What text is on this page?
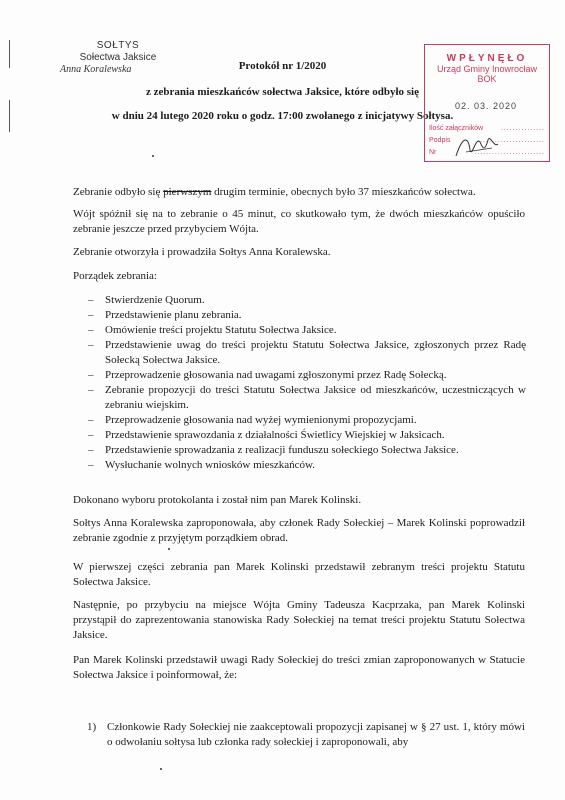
SOŁTYS
Sołectwa Jaksice
Anna Koralewska	Protokół nr 1/2020
z zebrania mieszkańców sołectwa Jaksice, które odbyło się
w dniu 24 lutego 2020 roku o godz. 17:00 zwołanego z inicjatywy Sołtysa.
WPŁYNĘŁO
Urząd Gminy Inowrocław
BOK
02. 03. 2020
Ilość załączników	...............
Podpis	.......................
Nr	........................
Zebranie odbyło się pierwszym drugim terminie, obecnych było 37 mieszkańców sołectwa.
Wójt spóźnił się na to zebranie o 45 minut, co skutkowało tym, że dwóch mieszkańców opuściło zebranie jeszcze przed przybyciem Wójta.
Zebranie otworzyła i prowadziła Sołtys Anna Koralewska.
Porządek zebrania:
– Stwierdzenie Quorum.
– Przedstawienie planu zebrania.
– Omówienie treści projektu Statutu Sołectwa Jaksice.
– Przedstawienie uwag do treści projektu Statutu Sołectwa Jaksice, zgłoszonych przez Radę Sołecką Sołectwa Jaksice.
– Przeprowadzenie głosowania nad uwagami zgłoszonymi przez Radę Sołecką.
– Zebranie propozycji do treści Statutu Sołectwa Jaksice od mieszkańców, uczestniczących w zebraniu wiejskim.
– Przeprowadzenie głosowania nad wyżej wymienionymi propozycjami.
– Przedstawienie sprawozdania z działalności Świetlicy Wiejskiej w Jaksicach.
– Przedstawienie sprowadzania z realizacji funduszu sołeckiego Sołectwa Jaksice.
– Wysłuchanie wolnych wniosków mieszkańców.
Dokonano wyboru protokolanta i został nim pan Marek Kolinski.
Sołtys Anna Koralewska zaproponowała, aby członek Rady Sołeckiej – Marek Kolinski poprowadził zebranie zgodnie z przyjętym porządkiem obrad.
W pierwszej części zebrania pan Marek Kolinski przedstawił zebranym treści projektu Statutu Sołectwa Jaksice.
Następnie, po przybyciu na miejsce Wójta Gminy Tadeusza Kacprzaka, pan Marek Kolinski przystąpił do zaprezentowania stanowiska Rady Sołeckiej na temat treści projektu Statutu Sołectwa Jaksice.
Pan Marek Kolinski przedstawił uwagi Rady Sołeckiej do treści zmian zaproponowanych w Statucie Sołectwa Jaksice i poinformował, że:
1) Członkowie Rady Sołeckiej nie zaakceptowali propozycji zapisanej w § 27 ust. 1, który mówi o odwołaniu sołtysa lub członka rady sołeckiej i zaproponowali, aby
